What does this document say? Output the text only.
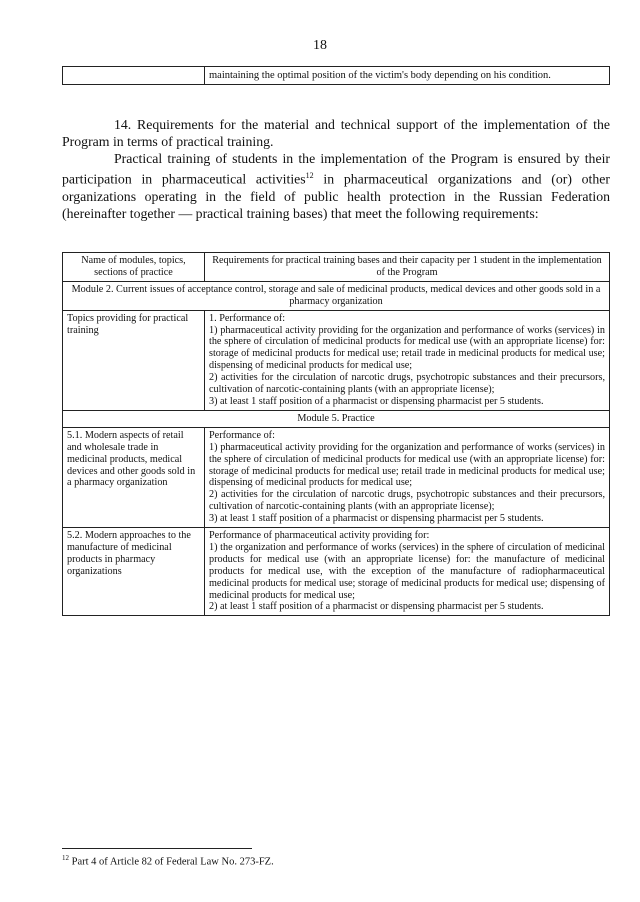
18
	maintaining the optimal position of the victim's body depending on his condition.

14. Requirements for the material and technical support of the implementation of the Program in terms of practical training.

Practical training of students in the implementation of the Program is ensured by their participation in pharmaceutical activities$^{12}$ in pharmaceutical organizations and (or) other organizations operating in the field of public health protection in the Russian Federation (hereinafter together — practical training bases) that meet the following requirements:

Name of modules, topics, sections of practice	Requirements for practical training bases and their capacity per 1 student in the implementation of the Program
Module 2. Current issues of acceptance control, storage and sale of medicinal products, medical devices and other goods sold in a pharmacy organization	
Topics providing for practical training	1. Performance of:
1) pharmaceutical activity providing for the organization and performance of works (services) in the sphere of circulation of medicinal products for medical use (with an appropriate license) for: storage of medicinal products for medical use; retail trade in medicinal products for medical use; dispensing of medicinal products for medical use;
2) activities for the circulation of narcotic drugs, psychotropic substances and their precursors, cultivation of narcotic-containing plants (with an appropriate license);
3) at least 1 staff position of a pharmacist or dispensing pharmacist per 5 students.

Module 5. Practice	
5.1. Modern aspects of retail and wholesale trade in medicinal products, medical devices and other goods sold in a pharmacy organization	Performance of:
1) pharmaceutical activity providing for the organization and performance of works (services) in the sphere of circulation of medicinal products for medical use (with an appropriate license) for: storage of medicinal products for medical use; retail trade in medicinal products for medical use; dispensing of medicinal products for medical use;
2) activities for the circulation of narcotic drugs, psychotropic substances and their precursors, cultivation of narcotic-containing plants (with an appropriate license);
3) at least 1 staff position of a pharmacist or dispensing pharmacist per 5 students.

5.2. Modern approaches to the manufacture of medicinal products in pharmacy organizations	Performance of pharmaceutical activity providing for:
1) the organization and performance of works (services) in the sphere of circulation of medicinal products for medical use (with an appropriate license) for: the manufacture of medicinal products for medical use, with the exception of the manufacture of radiopharmaceutical medicinal products for medical use; storage of medicinal products for medical use; dispensing of medicinal products for medical use;
2) at least 1 staff position of a pharmacist or dispensing pharmacist per 5 students.
$^{12}$ Part 4 of Article 82 of Federal Law No. 273-FZ.
